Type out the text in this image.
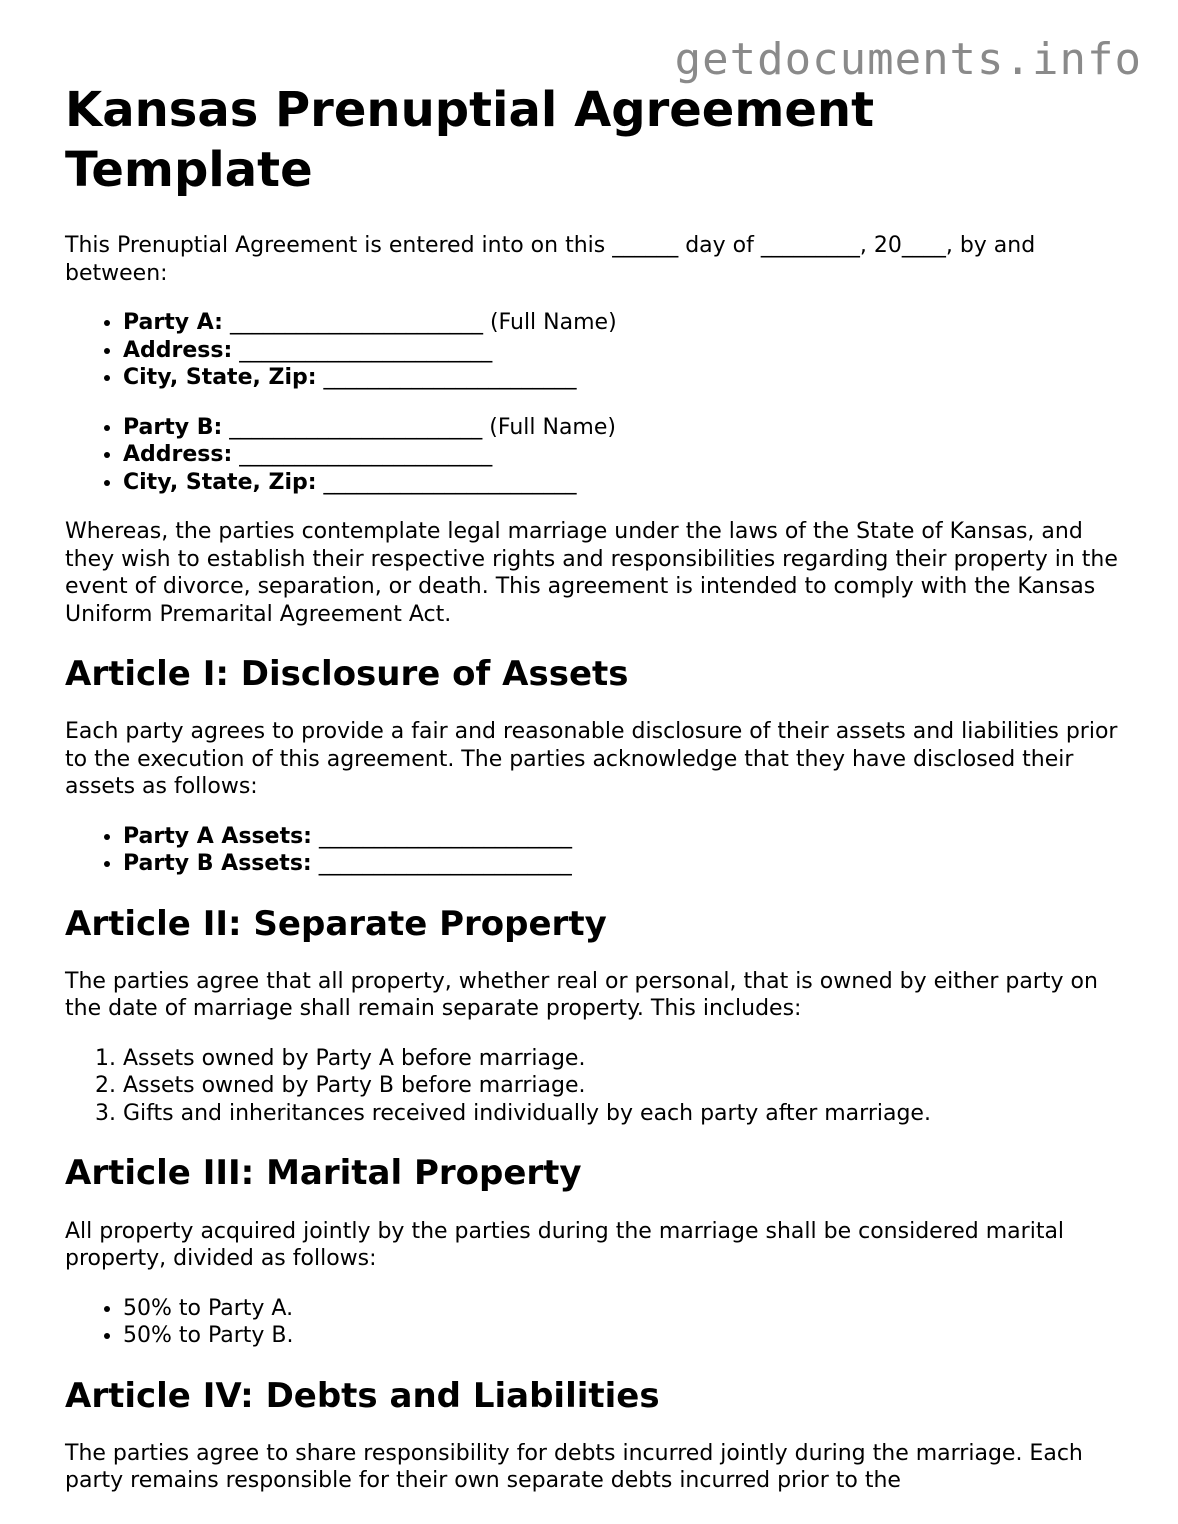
getdocuments.info
Kansas Prenuptial Agreement Template

This Prenuptial Agreement is entered into on this ______ day of _________, 20____, by and between:

• Party A: _______________________ (Full Name)
• Address: _______________________
• City, State, Zip: _______________________
• Party B: _______________________ (Full Name)
• Address: _______________________
• City, State, Zip: _______________________

Whereas, the parties contemplate legal marriage under the laws of the State of Kansas, and they wish to establish their respective rights and responsibilities regarding their property in the event of divorce, separation, or death. This agreement is intended to comply with the Kansas Uniform Premarital Agreement Act.

Article I: Disclosure of Assets

Each party agrees to provide a fair and reasonable disclosure of their assets and liabilities prior to the execution of this agreement. The parties acknowledge that they have disclosed their assets as follows:

• Party A Assets: _______________________
• Party B Assets: _______________________
Article II: Separate Property

The parties agree that all property, whether real or personal, that is owned by either party on the date of marriage shall remain separate property. This includes:

1. Assets owned by Party A before marriage.
2. Assets owned by Party B before marriage.
3. Gifts and inheritances received individually by each party after marriage.
Article III: Marital Property

All property acquired jointly by the parties during the marriage shall be considered marital property, divided as follows:

• 50% to Party A.
• 50% to Party B.
Article IV: Debts and Liabilities

The parties agree to share responsibility for debts incurred jointly during the marriage. Each party remains responsible for their own separate debts incurred prior to the
